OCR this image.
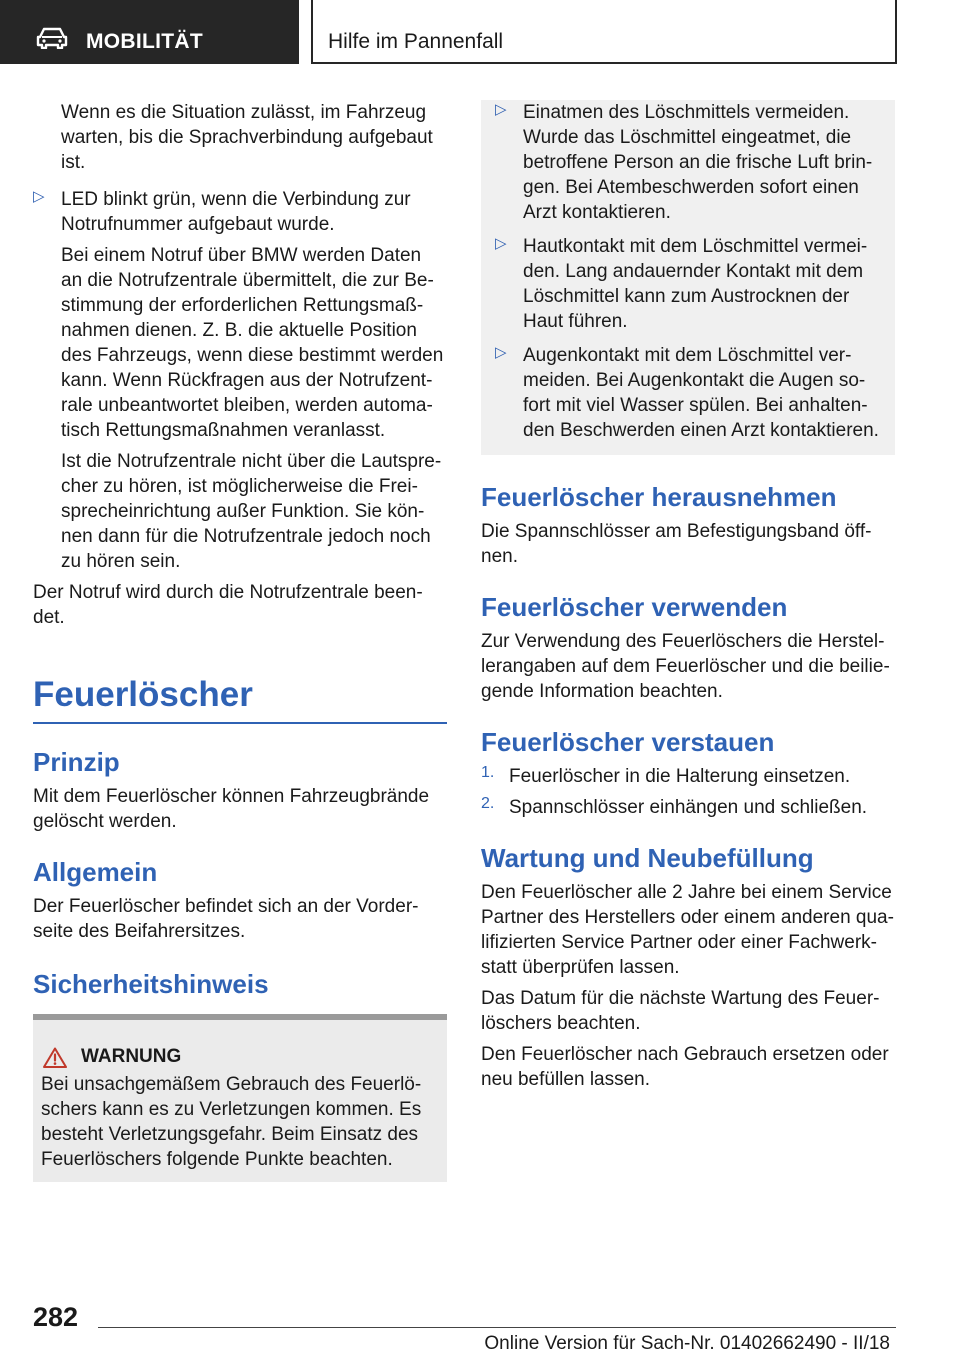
MOBILITÄT	Hilfe im Pannenfall

Wenn es die Situation zulässt, im Fahrzeug warten, bis die Sprachverbindung aufgebaut ist.

▷ LED blinkt grün, wenn die Verbindung zur Notrufnummer aufgebaut wurde.

Bei einem Notruf über BMW werden Daten an die Notrufzentrale übermittelt, die zur Bestimmung der erforderlichen Rettungsmaßnahmen dienen. Z. B. die aktuelle Position des Fahrzeugs, wenn diese bestimmt werden kann. Wenn Rückfragen aus der Notrufzentrale unbeantwortet bleiben, werden automatisch Rettungsmaßnahmen veranlasst.

Ist die Notrufzentrale nicht über die Lautsprecher zu hören, ist möglicherweise die Freisprecheinrichtung außer Funktion. Sie können dann für die Notrufzentrale jedoch noch zu hören sein.

Der Notruf wird durch die Notrufzentrale beendet.

Feuerlöscher
Prinzip

Mit dem Feuerlöscher können Fahrzeugbrände gelöscht werden.

Allgemein

Der Feuerlöscher befindet sich an der Vorderseite des Beifahrersitzes.

Sicherheitshinweis
WARNUNG

Bei unsachgemäßem Gebrauch des Feuerlöschers kann es zu Verletzungen kommen. Es besteht Verletzungsgefahr. Beim Einsatz des Feuerlöschers folgende Punkte beachten.

▷ Einatmen des Löschmittels vermeiden. Wurde das Löschmittel eingeatmet, die betroffene Person an die frische Luft bringen. Bei Atembeschwerden sofort einen Arzt kontaktieren.

▷ Hautkontakt mit dem Löschmittel vermeiden. Lang andauernder Kontakt mit dem Löschmittel kann zum Austrocknen der Haut führen.

▷ Augenkontakt mit dem Löschmittel vermeiden. Bei Augenkontakt die Augen sofort mit viel Wasser spülen. Bei anhaltenden Beschwerden einen Arzt kontaktieren.

Feuerlöscher herausnehmen

Die Spannschlösser am Befestigungsband öffnen.

Feuerlöscher verwenden

Zur Verwendung des Feuerlöschers die Herstellerangaben auf dem Feuerlöscher und die beiliegende Information beachten.

Feuerlöscher verstauen
1. Feuerlöscher in die Halterung einsetzen.

2. Spannschlösser einhängen und schließen.

Wartung und Neubefüllung

Den Feuerlöscher alle 2 Jahre bei einem Service Partner des Herstellers oder einem anderen qualifizierten Service Partner oder einer Fachwerkstatt überprüfen lassen.

Das Datum für die nächste Wartung des Feuerlöschers beachten.

Den Feuerlöscher nach Gebrauch ersetzen oder neu befüllen lassen.

282
Online Version für Sach-Nr. 01402662490 - II/18
